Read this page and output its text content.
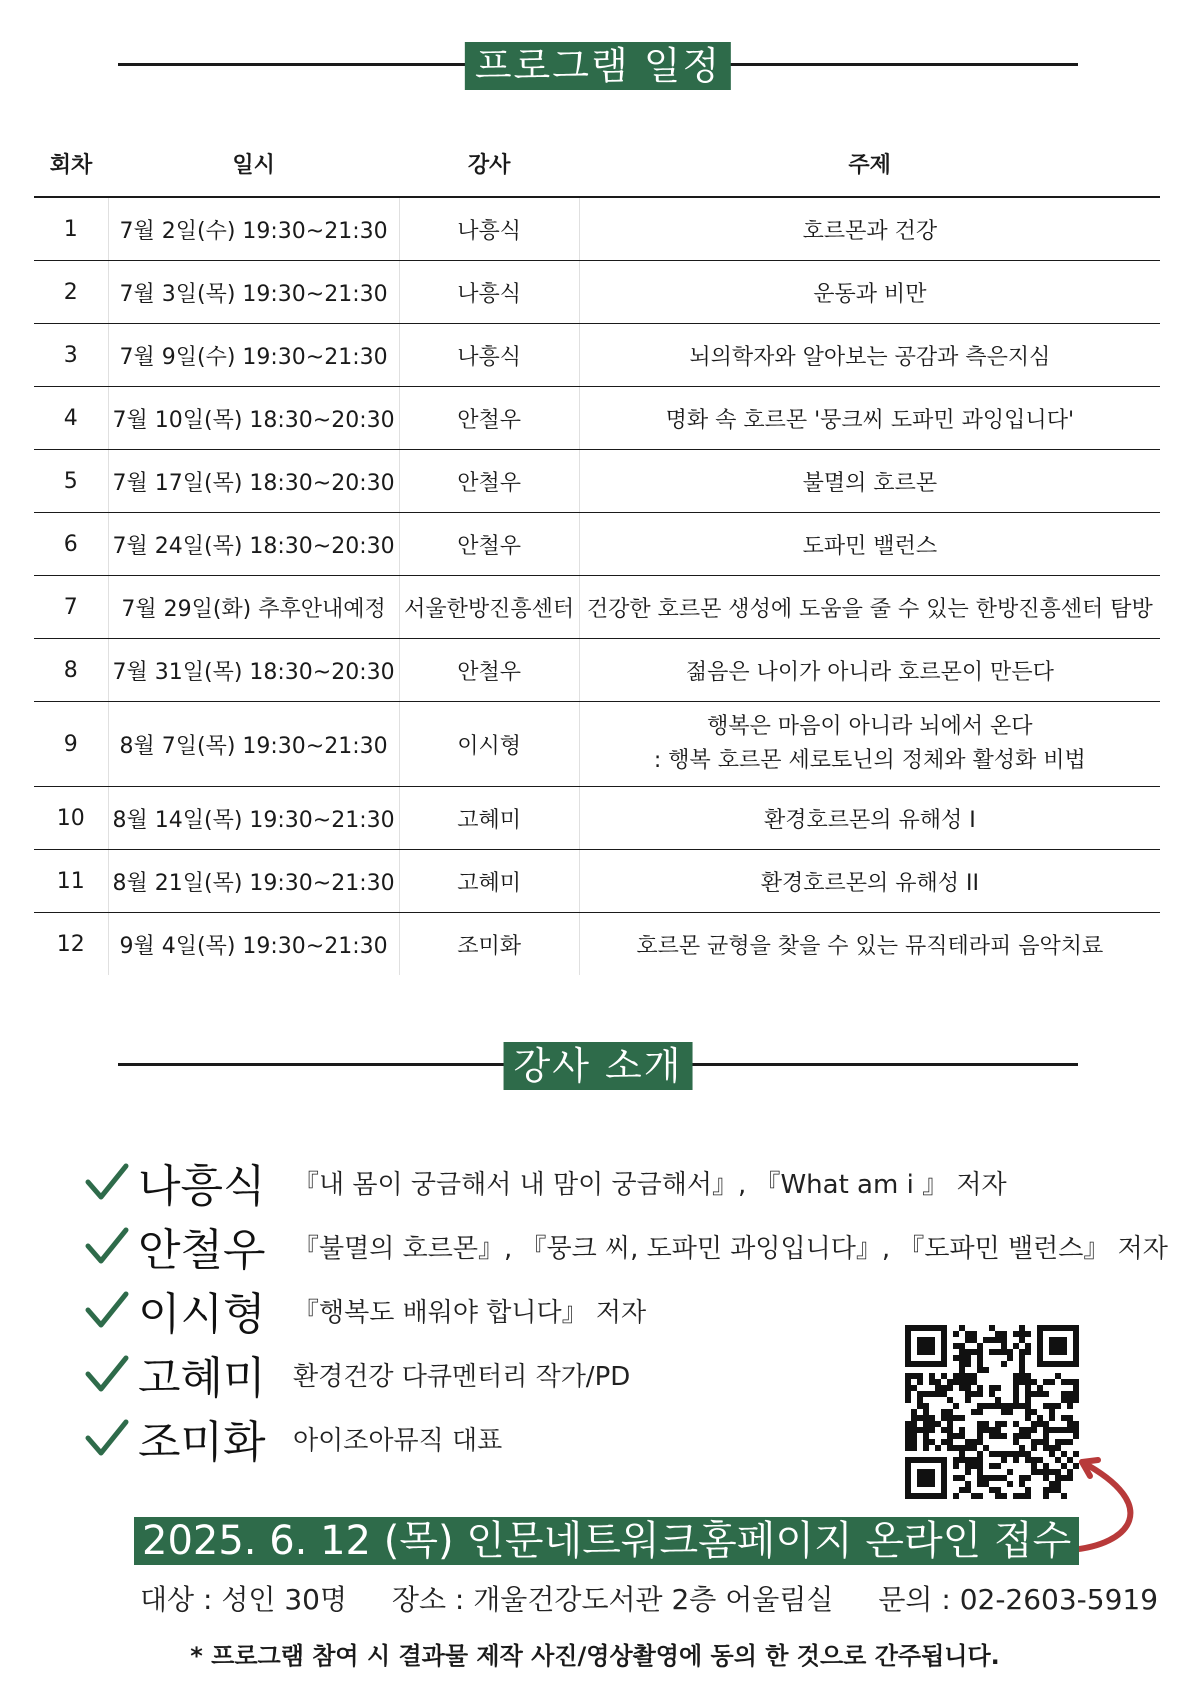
프로그램 일정
회차	일시	강사	주제
1	7월 2일(수) 19:30~21:30	나흥식	호르몬과 건강
2	7월 3일(목) 19:30~21:30	나흥식	운동과 비만
3	7월 9일(수) 19:30~21:30	나흥식	뇌의학자와 알아보는 공감과 측은지심
4	7월 10일(목) 18:30~20:30	안철우	명화 속 호르몬 '뭉크씨 도파민 과잉입니다'
5	7월 17일(목) 18:30~20:30	안철우	불멸의 호르몬
6	7월 24일(목) 18:30~20:30	안철우	도파민 밸런스
7	7월 29일(화) 추후안내예정	서울한방진흥센터	건강한 호르몬 생성에 도움을 줄 수 있는 한방진흥센터 탐방
8	7월 31일(목) 18:30~20:30	안철우	젊음은 나이가 아니라 호르몬이 만든다
9	8월 7일(목) 19:30~21:30	이시형	행복은 마음이 아니라 뇌에서 온다
: 행복 호르몬 세로토닌의 정체와 활성화 비법

10	8월 14일(목) 19:30~21:30	고혜미	환경호르몬의 유해성 I
11	8월 21일(목) 19:30~21:30	고혜미	환경호르몬의 유해성 II
12	9월 4일(목) 19:30~21:30	조미화	호르몬 균형을 찾을 수 있는 뮤직테라피 음악치료
강사 소개
나흥식	『내 몸이 궁금해서 내 맘이 궁금해서』, 『What am i 』 저자
안철우	『불멸의 호르몬』, 『뭉크 씨, 도파민 과잉입니다』, 『도파민 밸런스』 저자
이시형	『행복도 배워야 합니다』 저자
고혜미	환경건강 다큐멘터리 작가/PD
조미화	아이조아뮤직 대표
2025. 6. 12 (목) 인문네트워크홈페이지 온라인 접수
대상 : 성인 30명 장소 : 개울건강도서관 2층 어울림실 문의 : 02-2603-5919
* 프로그램 참여 시 결과물 제작 사진/영상촬영에 동의 한 것으로 간주됩니다.
